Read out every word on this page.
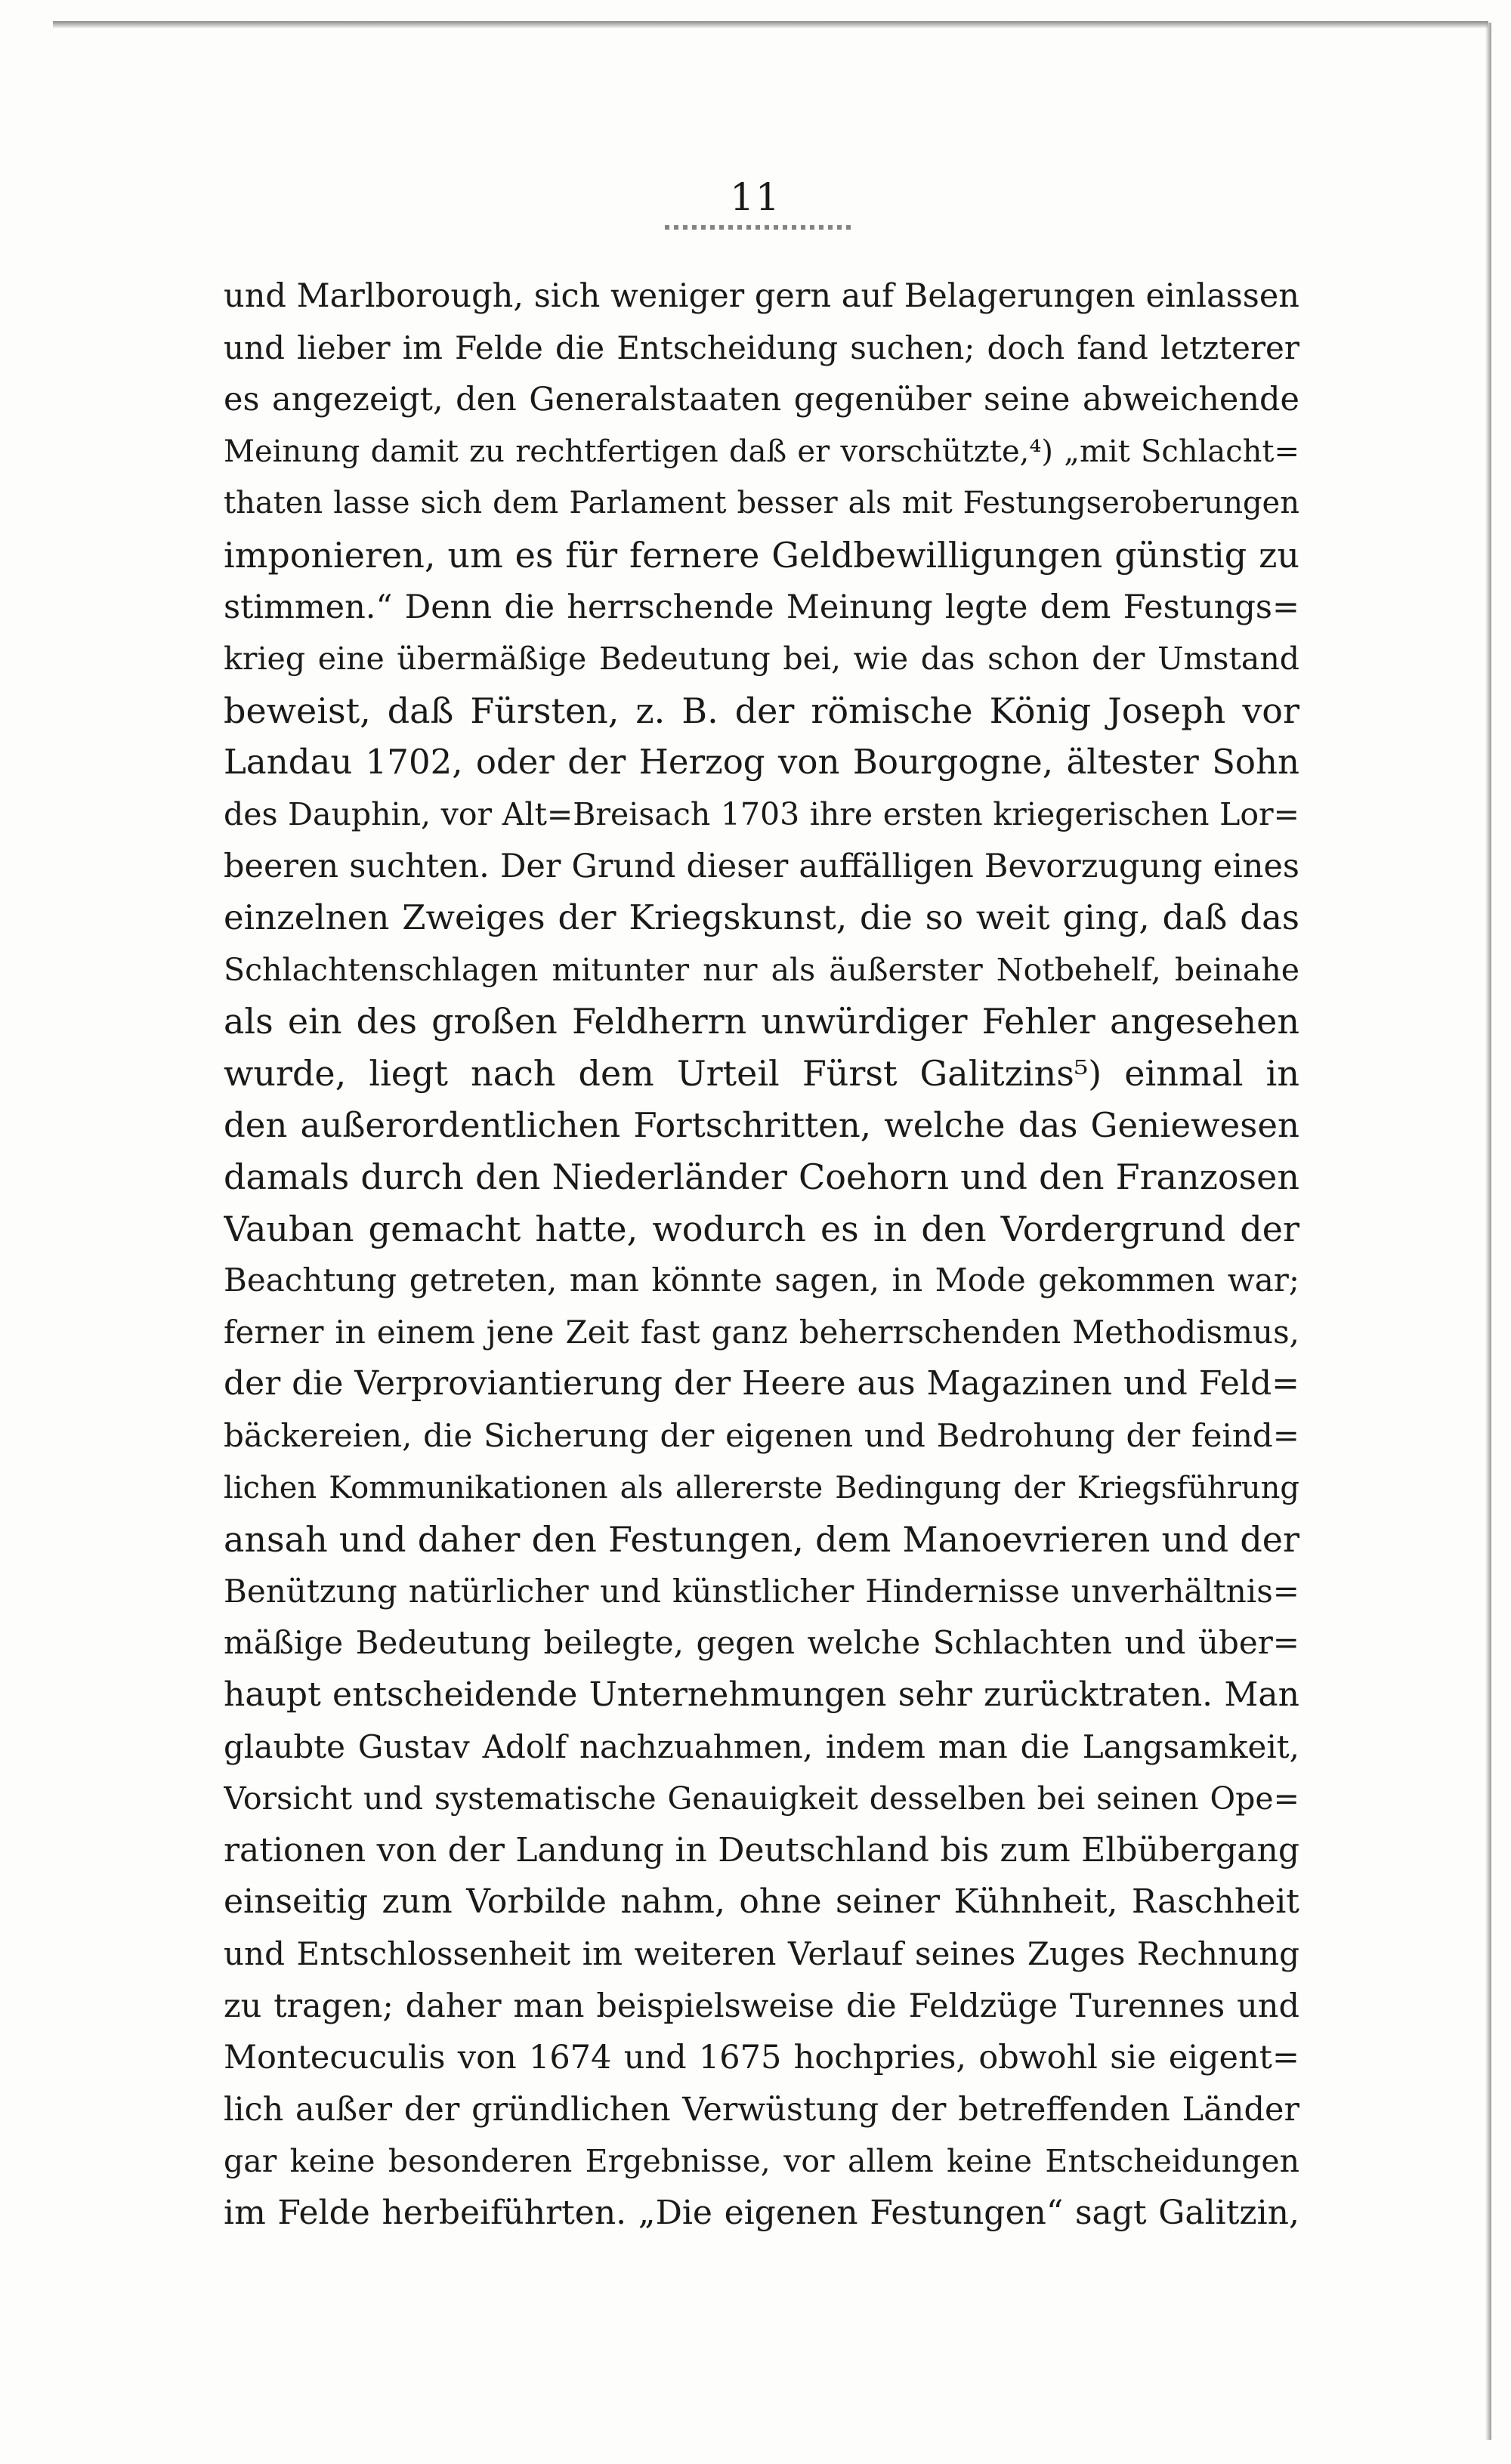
11
und Marlborough, sich weniger gern auf Belagerungen einlassen
und lieber im Felde die Entscheidung suchen; doch fand letzterer
es angezeigt, den Generalstaaten gegenüber seine abweichende
Meinung damit zu rechtfertigen daß er vorschützte,⁴) „mit Schlacht=
thaten lasse sich dem Parlament besser als mit Festungseroberungen
imponieren, um es für fernere Geldbewilligungen günstig zu
stimmen.“ Denn die herrschende Meinung legte dem Festungs=
krieg eine übermäßige Bedeutung bei, wie das schon der Umstand
beweist, daß Fürsten, z. B. der römische König Joseph vor
Landau 1702, oder der Herzog von Bourgogne, ältester Sohn
des Dauphin, vor Alt=Breisach 1703 ihre ersten kriegerischen Lor=
beeren suchten. Der Grund dieser auffälligen Bevorzugung eines
einzelnen Zweiges der Kriegskunst, die so weit ging, daß das
Schlachtenschlagen mitunter nur als äußerster Notbehelf, beinahe
als ein des großen Feldherrn unwürdiger Fehler angesehen
wurde, liegt nach dem Urteil Fürst Galitzins⁵) einmal in
den außerordentlichen Fortschritten, welche das Geniewesen
damals durch den Niederländer Coehorn und den Franzosen
Vauban gemacht hatte, wodurch es in den Vordergrund der
Beachtung getreten, man könnte sagen, in Mode gekommen war;
ferner in einem jene Zeit fast ganz beherrschenden Methodismus,
der die Verproviantierung der Heere aus Magazinen und Feld=
bäckereien, die Sicherung der eigenen und Bedrohung der feind=
lichen Kommunikationen als allererste Bedingung der Kriegsführung
ansah und daher den Festungen, dem Manoevrieren und der
Benützung natürlicher und künstlicher Hindernisse unverhältnis=
mäßige Bedeutung beilegte, gegen welche Schlachten und über=
haupt entscheidende Unternehmungen sehr zurücktraten. Man
glaubte Gustav Adolf nachzuahmen, indem man die Langsamkeit,
Vorsicht und systematische Genauigkeit desselben bei seinen Ope=
rationen von der Landung in Deutschland bis zum Elbübergang
einseitig zum Vorbilde nahm, ohne seiner Kühnheit, Raschheit
und Entschlossenheit im weiteren Verlauf seines Zuges Rechnung
zu tragen; daher man beispielsweise die Feldzüge Turennes und
Montecuculis von 1674 und 1675 hochpries, obwohl sie eigent=
lich außer der gründlichen Verwüstung der betreffenden Länder
gar keine besonderen Ergebnisse, vor allem keine Entscheidungen
im Felde herbeiführten. „Die eigenen Festungen“ sagt Galitzin,
